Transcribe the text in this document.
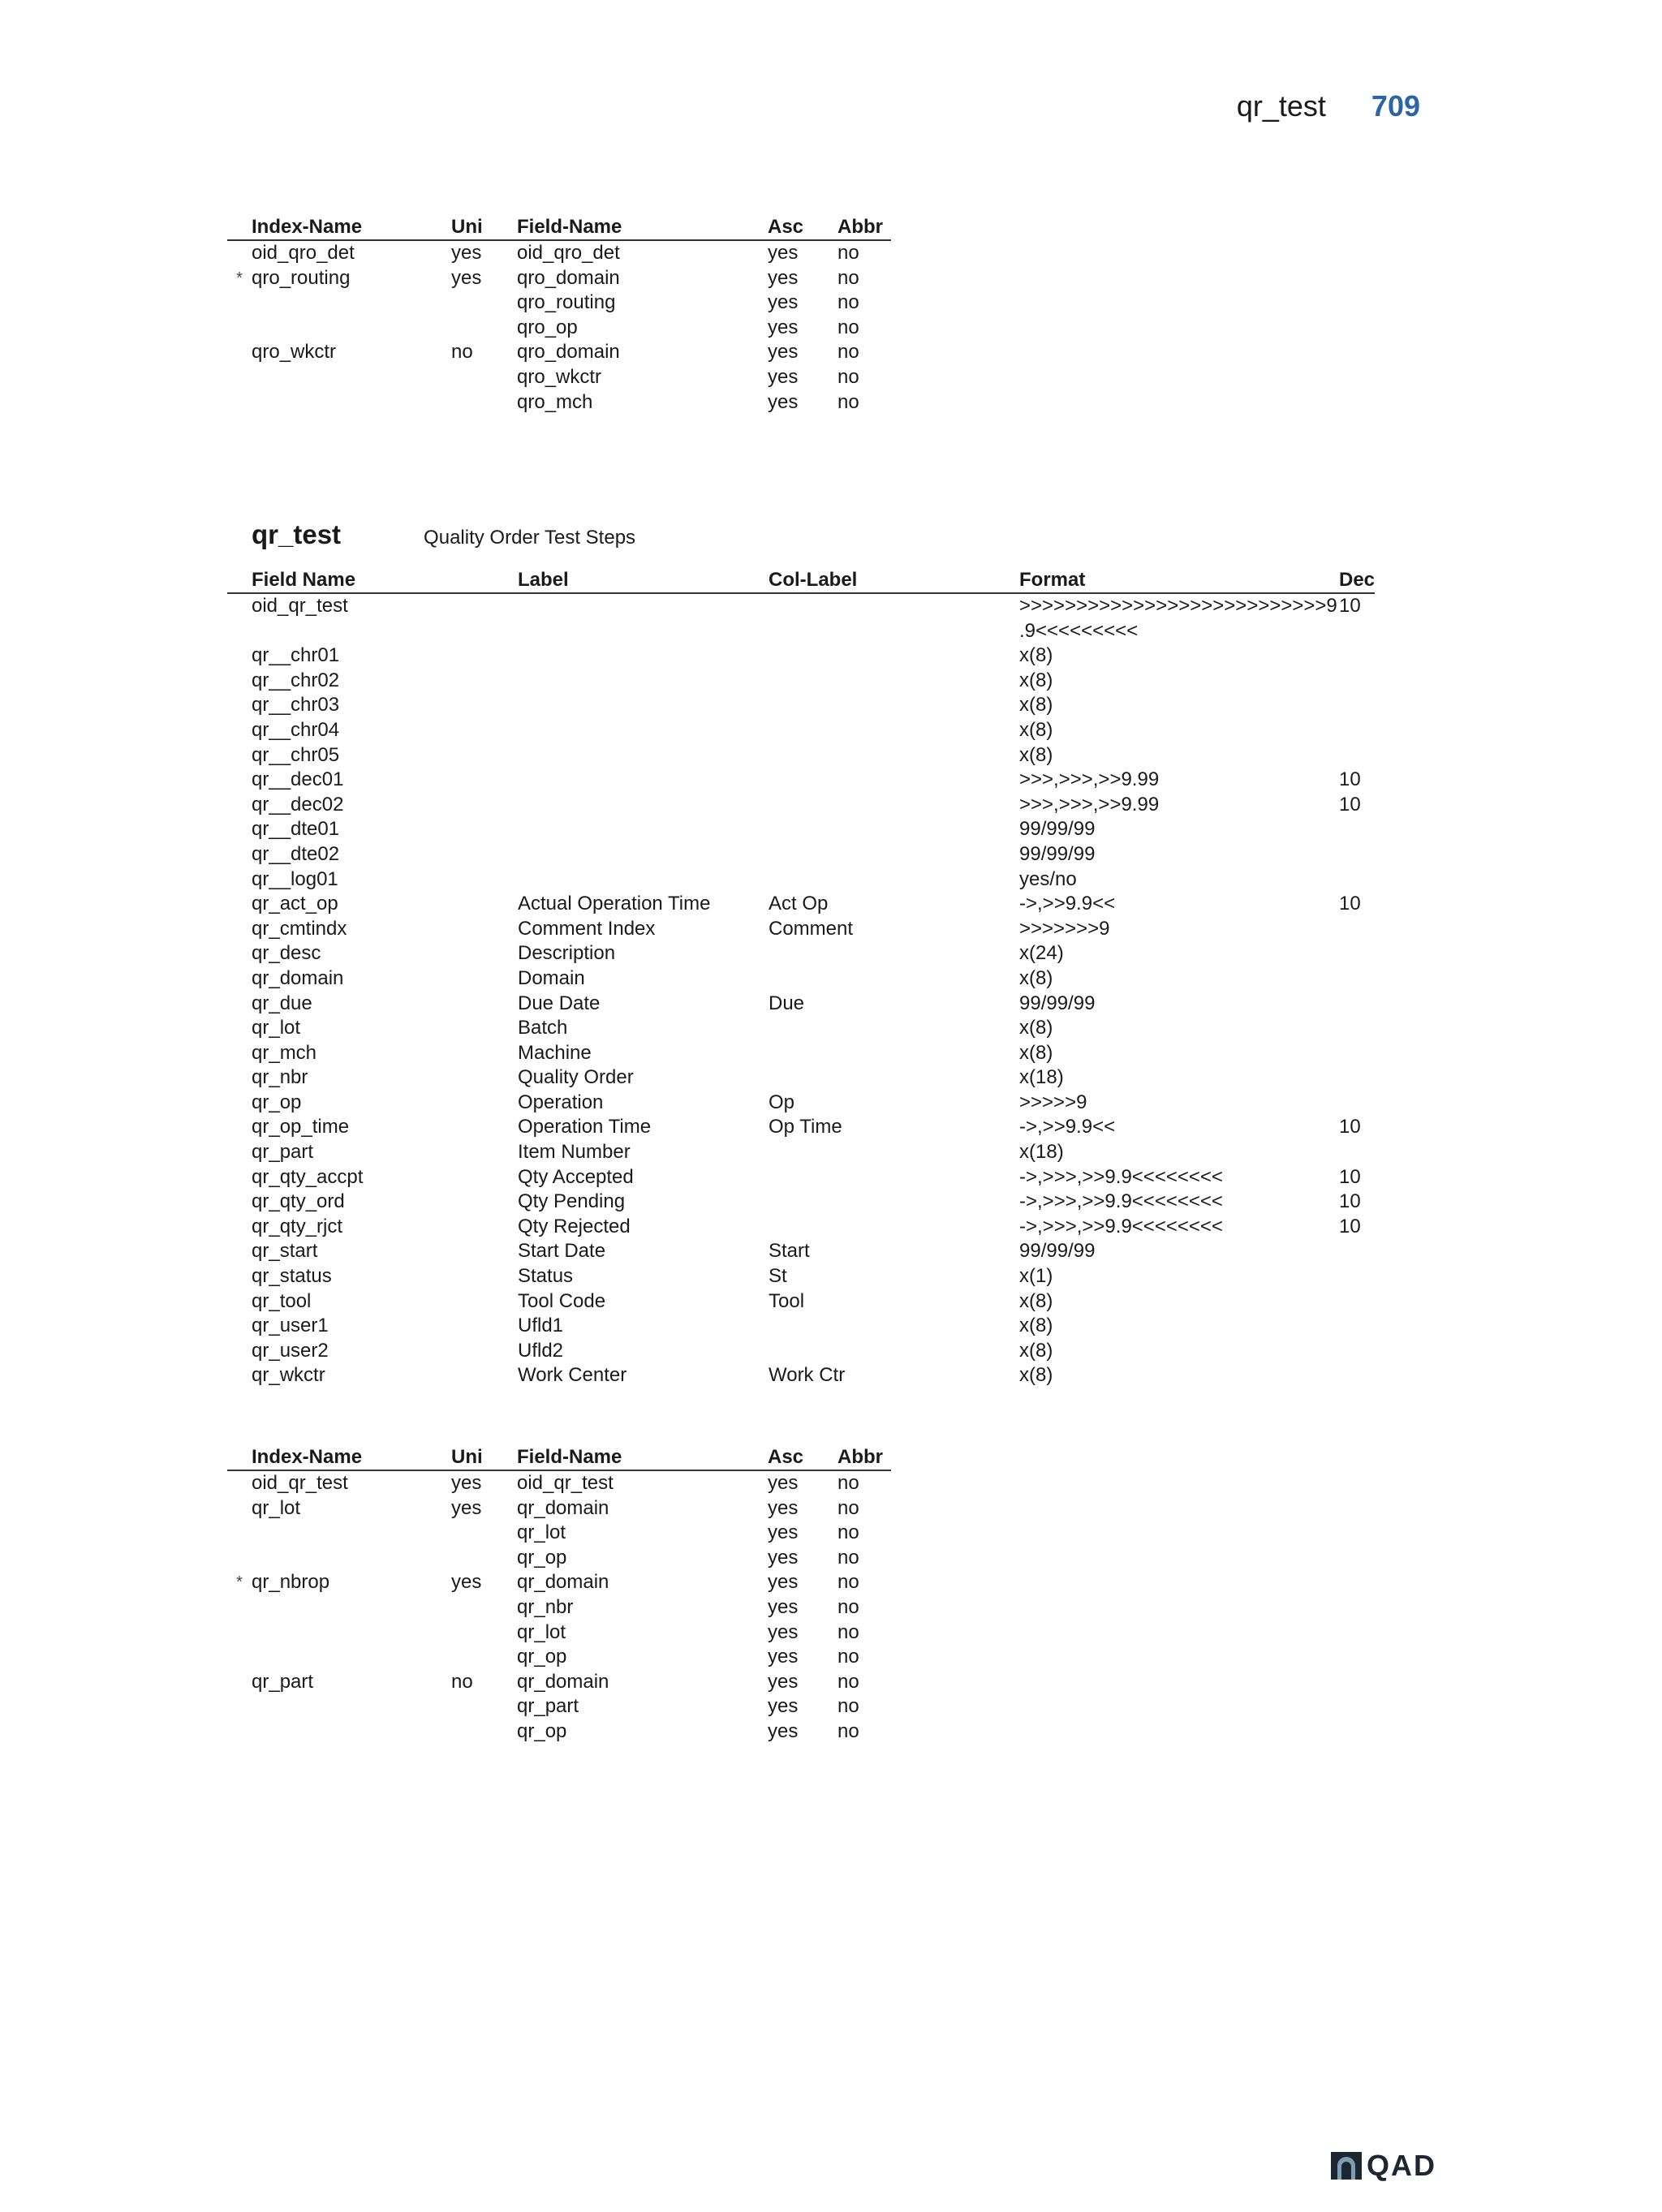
qr_test 709
	Index-Name	Uni	Field-Name	Asc	Abbr
	oid_qro_det	yes	oid_qro_det	yes	no
*	qro_routing	yes	qro_domain	yes	no
			qro_routing	yes	no
			qro_op	yes	no
	qro_wkctr	no	qro_domain	yes	no
			qro_wkctr	yes	no
			qro_mch	yes	no
qr_test	Quality Order Test Steps
	Field Name	Label	Col-Label	Format	Dec
	oid_qr_test			>>>>>>>>>>>>>>>>>>>>>>>>>>>9	10
				.9<<<<<<<<<	
	qr__chr01			x(8)	
	qr__chr02			x(8)	
	qr__chr03			x(8)	
	qr__chr04			x(8)	
	qr__chr05			x(8)	
	qr__dec01			>>>,>>>,>>9.99	10
	qr__dec02			>>>,>>>,>>9.99	10
	qr__dte01			99/99/99	
	qr__dte02			99/99/99	
	qr__log01			yes/no	
	qr_act_op	Actual Operation Time	Act Op	->,>>9.9<<	10
	qr_cmtindx	Comment Index	Comment	>>>>>>>9	
	qr_desc	Description		x(24)	
	qr_domain	Domain		x(8)	
	qr_due	Due Date	Due	99/99/99	
	qr_lot	Batch		x(8)	
	qr_mch	Machine		x(8)	
	qr_nbr	Quality Order		x(18)	
	qr_op	Operation	Op	>>>>>9	
	qr_op_time	Operation Time	Op Time	->,>>9.9<<	10
	qr_part	Item Number		x(18)	
	qr_qty_accpt	Qty Accepted		->,>>>,>>9.9<<<<<<<<	10
	qr_qty_ord	Qty Pending		->,>>>,>>9.9<<<<<<<<	10
	qr_qty_rjct	Qty Rejected		->,>>>,>>9.9<<<<<<<<	10
	qr_start	Start Date	Start	99/99/99	
	qr_status	Status	St	x(1)	
	qr_tool	Tool Code	Tool	x(8)	
	qr_user1	Ufld1		x(8)	
	qr_user2	Ufld2		x(8)	
	qr_wkctr	Work Center	Work Ctr	x(8)	
	Index-Name	Uni	Field-Name	Asc	Abbr
	oid_qr_test	yes	oid_qr_test	yes	no
	qr_lot	yes	qr_domain	yes	no
			qr_lot	yes	no
			qr_op	yes	no
*	qr_nbrop	yes	qr_domain	yes	no
			qr_nbr	yes	no
			qr_lot	yes	no
			qr_op	yes	no
	qr_part	no	qr_domain	yes	no
			qr_part	yes	no
			qr_op	yes	no
QAD
